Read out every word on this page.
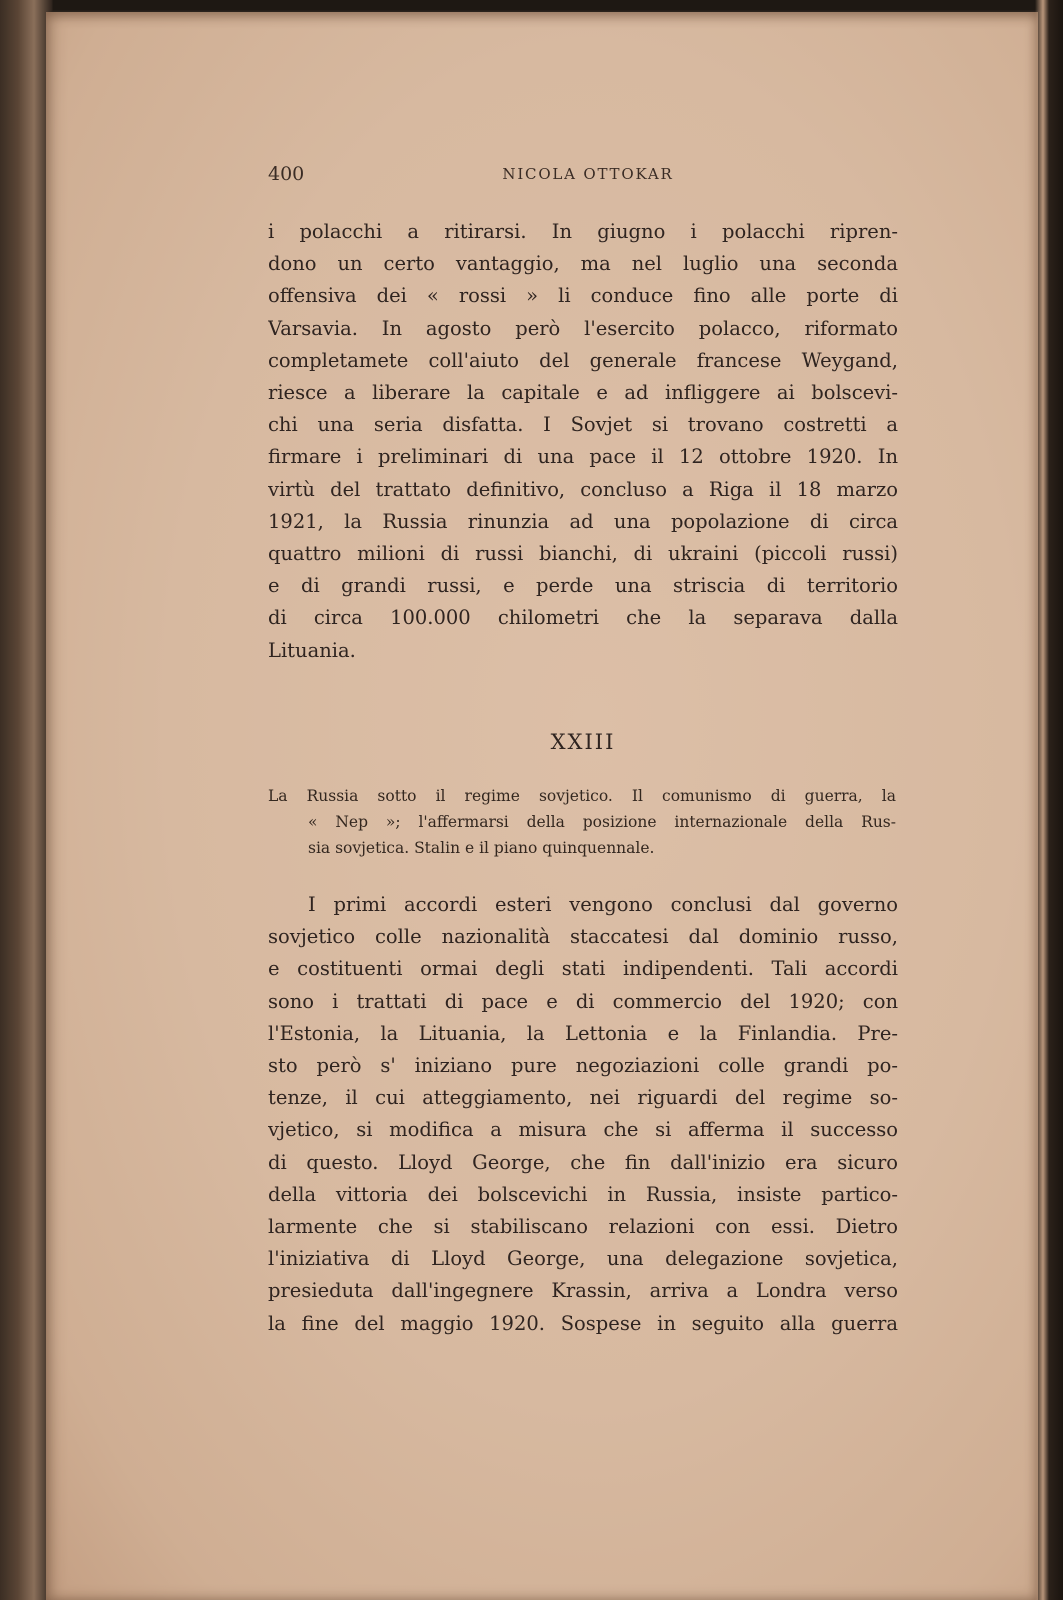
400	NICOLA OTTOKAR
i polacchi a ritirarsi. In giugno i polacchi ripren-
dono un certo vantaggio, ma nel luglio una seconda
offensiva dei « rossi » li conduce fino alle porte di
Varsavia. In agosto però l'esercito polacco, riformato
completamete coll'aiuto del generale francese Weygand,
riesce a liberare la capitale e ad infliggere ai bolscevi-
chi una seria disfatta. I Sovjet si trovano costretti a
firmare i preliminari di una pace il 12 ottobre 1920. In
virtù del trattato definitivo, concluso a Riga il 18 marzo
1921, la Russia rinunzia ad una popolazione di circa
quattro milioni di russi bianchi, di ukraini (piccoli russi)
e di grandi russi, e perde una striscia di territorio
di circa 100.000 chilometri che la separava dalla
Lituania.
XXIII
La Russia sotto il regime sovjetico. Il comunismo di guerra, la
« Nep »; l'affermarsi della posizione internazionale della Rus-
sia sovjetica. Stalin e il piano quinquennale.
I primi accordi esteri vengono conclusi dal governo
sovjetico colle nazionalità staccatesi dal dominio russo,
e costituenti ormai degli stati indipendenti. Tali accordi
sono i trattati di pace e di commercio del 1920; con
l'Estonia, la Lituania, la Lettonia e la Finlandia. Pre-
sto però s' iniziano pure negoziazioni colle grandi po-
tenze, il cui atteggiamento, nei riguardi del regime so-
vjetico, si modifica a misura che si afferma il successo
di questo. Lloyd George, che fin dall'inizio era sicuro
della vittoria dei bolscevichi in Russia, insiste partico-
larmente che si stabiliscano relazioni con essi. Dietro
l'iniziativa di Lloyd George, una delegazione sovjetica,
presieduta dall'ingegnere Krassin, arriva a Londra verso
la fine del maggio 1920. Sospese in seguito alla guerra
